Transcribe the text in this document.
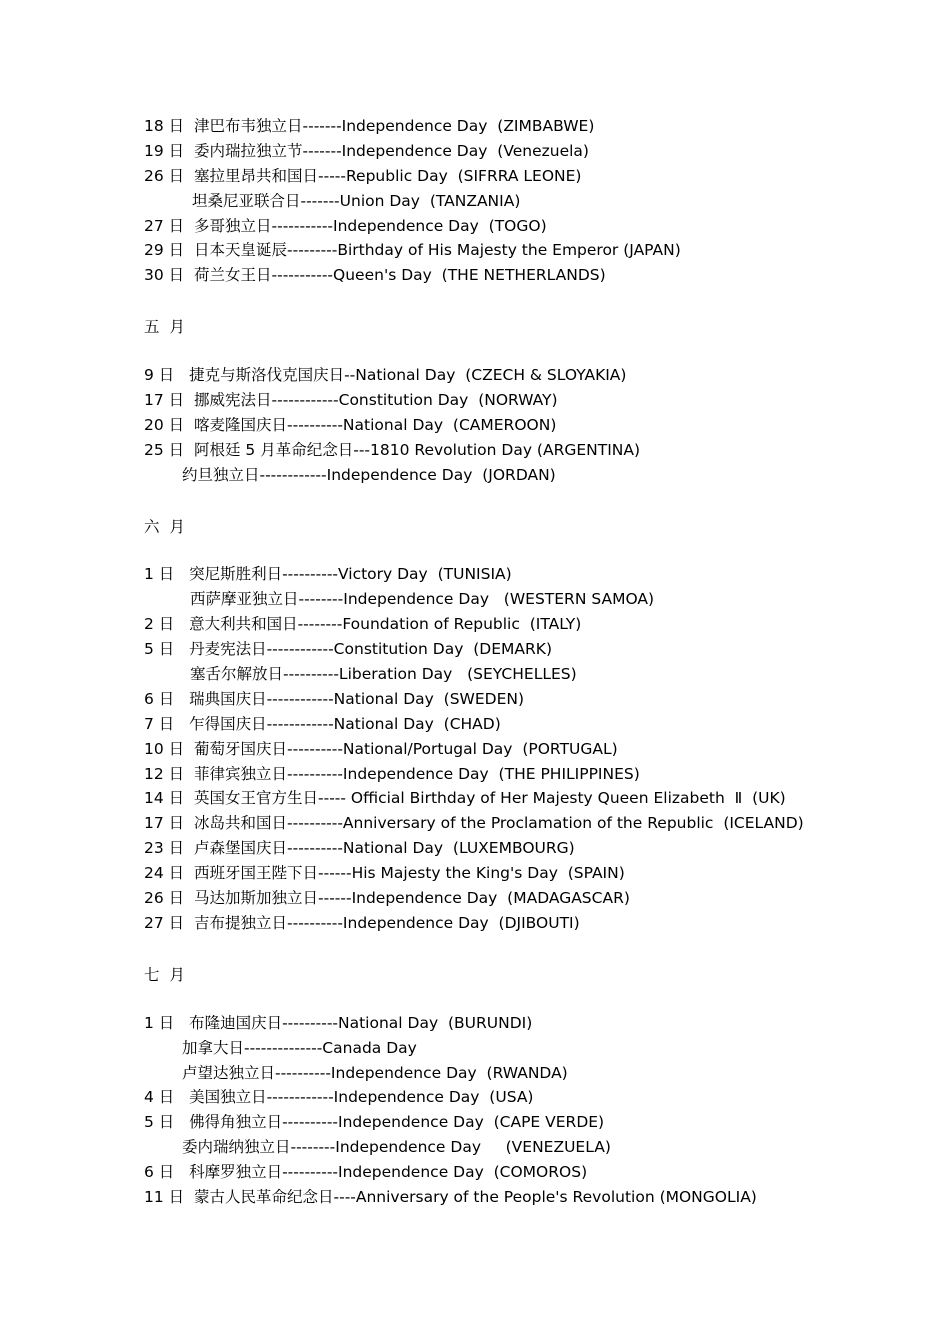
18 日  津巴布韦独立日-------Independence Day  (ZIMBABWE)
19 日  委内瑞拉独立节-------Independence Day  (Venezuela)
26 日  塞拉里昂共和国日-----Republic Day  (SIFRRA LEONE)
坦桑尼亚联合日-------Union Day  (TANZANIA)
27 日  多哥独立日-----------Independence Day  (TOGO)
29 日  日本天皇诞辰---------Birthday of His Majesty the Emperor (JAPAN)
30 日  荷兰女王日-----------Queen's Day  (THE NETHERLANDS)
五  月
9 日   捷克与斯洛伐克国庆日--National Day  (CZECH & SLOYAKIA)
17 日  挪威宪法日------------Constitution Day  (NORWAY)
20 日  喀麦隆国庆日----------National Day  (CAMEROON)
25 日  阿根廷 5 月革命纪念日---1810 Revolution Day (ARGENTINA)
约旦独立日------------Independence Day  (JORDAN)
六  月
1 日   突尼斯胜利日----------Victory Day  (TUNISIA)
西萨摩亚独立日--------Independence Day   (WESTERN SAMOA)
2 日   意大利共和国日--------Foundation of Republic  (ITALY)
5 日   丹麦宪法日------------Constitution Day  (DEMARK)
塞舌尔解放日----------Liberation Day   (SEYCHELLES)
6 日   瑞典国庆日------------National Day  (SWEDEN)
7 日   乍得国庆日------------National Day  (CHAD)
10 日  葡萄牙国庆日----------National/Portugal Day  (PORTUGAL)
12 日  菲律宾独立日----------Independence Day  (THE PHILIPPINES)
14 日  英国女王官方生日----- Official Birthday of Her Majesty Queen Elizabeth  Ⅱ  (UK)
17 日  冰岛共和国日----------Anniversary of the Proclamation of the Republic  (ICELAND)
23 日  卢森堡国庆日----------National Day  (LUXEMBOURG)
24 日  西班牙国王陛下日------His Majesty the King's Day  (SPAIN)
26 日  马达加斯加独立日------Independence Day  (MADAGASCAR)
27 日  吉布提独立日----------Independence Day  (DJIBOUTI)
七  月
1 日   布隆迪国庆日----------National Day  (BURUNDI)
加拿大日--------------Canada Day
卢望达独立日----------Independence Day  (RWANDA)
4 日   美国独立日------------Independence Day  (USA)
5 日   佛得角独立日----------Independence Day  (CAPE VERDE)
委内瑞纳独立日--------Independence Day     (VENEZUELA)
6 日   科摩罗独立日----------Independence Day  (COMOROS)
11 日  蒙古人民革命纪念日----Anniversary of the People's Revolution (MONGOLIA)
